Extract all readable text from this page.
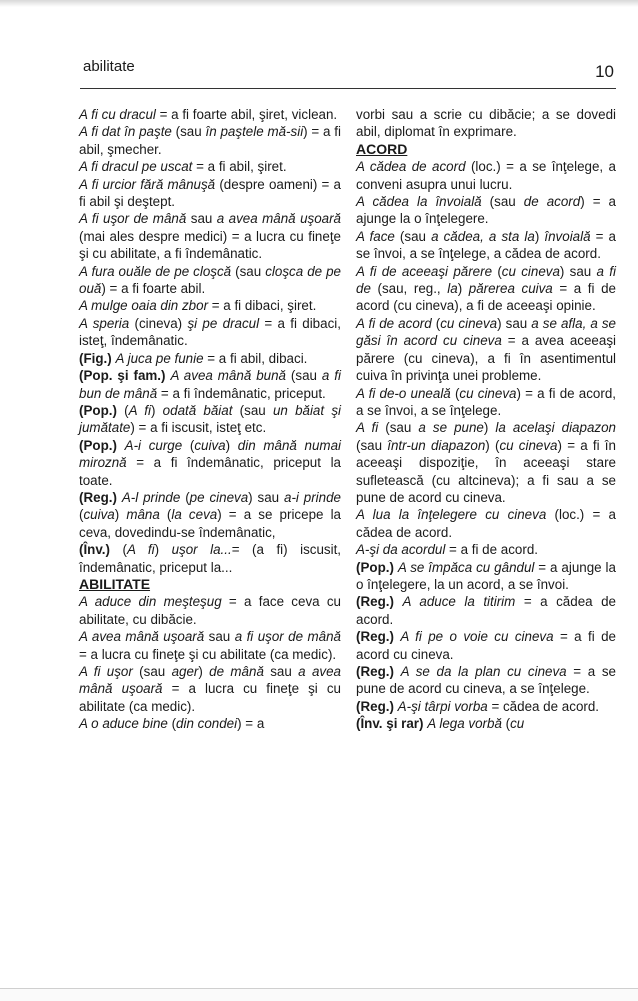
abilitate	10

A fi cu dracul = a fi foarte abil, şiret, viclean.

A fi dat în paşte (sau în paştele mă-sii) = a fi abil, şmecher.

A fi dracul pe uscat = a fi abil, şiret.

A fi urcior fără mânuşă (despre oameni) = a fi abil şi deştept.

A fi uşor de mână sau a avea mână uşoară (mai ales despre medici) = a lucra cu fineţe şi cu abilitate, a fi îndemânatic.

A fura ouăle de pe cloşcă (sau cloşca de pe ouă) = a fi foarte abil.

A mulge oaia din zbor = a fi dibaci, şiret.

A speria (cineva) şi pe dracul = a fi dibaci, isteţ, îndemânatic.

(Fig.) A juca pe funie = a fi abil, dibaci.

(Pop. şi fam.) A avea mână bună (sau a fi bun de mână = a fi îndemânatic, priceput.

(Pop.) (A fi) odată băiat (sau un băiat şi jumătate) = a fi iscusit, isteţ etc.

(Pop.) A-i curge (cuiva) din mână numai miroznă = a fi îndemânatic, priceput la toate.

(Reg.) A-l prinde (pe cineva) sau a-i prinde (cuiva) mâna (la ceva) = a se pricepe la ceva, dovedindu-se îndemânatic,

(Înv.) (A fi) uşor la...= (a fi) iscusit, îndemânatic, priceput la...

ABILITATE

A aduce din meşteşug = a face ceva cu abilitate, cu dibăcie.

A avea mână uşoară sau a fi uşor de mână = a lucra cu fineţe şi cu abilitate (ca medic).

A fi uşor (sau ager) de mână sau a avea mână uşoară = a lucra cu fineţe şi cu abilitate (ca medic).

A o aduce bine (din condei) = a

vorbi sau a scrie cu dibăcie; a se dovedi abil, diplomat în exprimare.

ACORD

A cădea de acord (loc.) = a se înţelege, a conveni asupra unui lucru.

A cădea la învoială (sau de acord) = a ajunge la o înţelegere.

A face (sau a cădea, a sta la) învoială = a se învoi, a se înţelege, a cădea de acord.

A fi de aceeaşi părere (cu cineva) sau a fi de (sau, reg., la) părerea cuiva = a fi de acord (cu cineva), a fi de aceeaşi opinie.

A fi de acord (cu cineva) sau a se afla, a se găsi în acord cu cineva = a avea aceeaşi părere (cu cineva), a fi în asentimentul cuiva în privinţa unei probleme.

A fi de-o uneală (cu cineva) = a fi de acord, a se învoi, a se înţelege.

A fi (sau a se pune) la acelaşi diapazon (sau într-un diapazon) (cu cineva) = a fi în aceeaşi dispoziţie, în aceeaşi stare sufletească (cu altcineva); a fi sau a se pune de acord cu cineva.

A lua la înţelegere cu cineva (loc.) = a cădea de acord.

A-şi da acordul = a fi de acord.

(Pop.) A se împăca cu gândul = a ajunge la o înţelegere, la un acord, a se învoi.

(Reg.) A aduce la titirim = a cădea de acord.

(Reg.) A fi pe o voie cu cineva = a fi de acord cu cineva.

(Reg.) A se da la plan cu cineva = a se pune de acord cu cineva, a se înţelege.

(Reg.) A-şi târpi vorba = cădea de acord.

(Înv. şi rar) A lega vorbă (cu
